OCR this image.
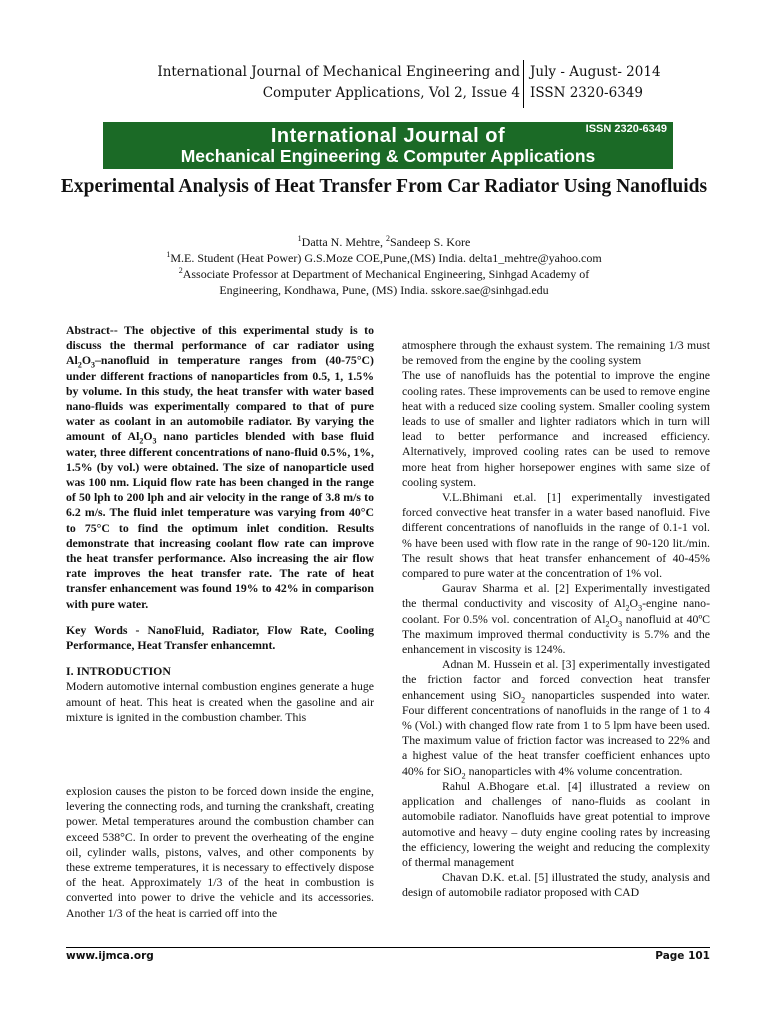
International Journal of Mechanical Engineering and
Computer Applications, Vol 2, Issue 4
July - August- 2014
ISSN 2320-6349
ISSN 2320-6349
International Journal of
Mechanical Engineering & Computer Applications
Experimental Analysis of Heat Transfer From Car Radiator Using Nanofluids
$^1$Datta N. Mehtre, $^2$Sandeep S. Kore
$^1$M.E. Student (Heat Power) G.S.Moze COE,Pune,(MS) India. delta1_mehtre@yahoo.com
$^2$Associate Professor at Department of Mechanical Engineering, Sinhgad Academy of
Engineering, Kondhawa, Pune, (MS) India. sskore.sae@sinhgad.edu

Abstract-- The objective of this experimental study is to discuss the thermal performance of car radiator using $Al_2O_3$–nanofluid in temperature ranges from (40-75°C) under different fractions of nanoparticles from 0.5, 1, 1.5% by volume. In this study, the heat transfer with water based nano-fluids was experimentally compared to that of pure water as coolant in an automobile radiator. By varying the amount of $Al_2O_3$ nano particles blended with base fluid water, three different concentrations of nano-fluid 0.5%, 1%, 1.5% (by vol.) were obtained. The size of nanoparticle used was 100 nm. Liquid flow rate has been changed in the range of 50 lph to 200 lph and air velocity in the range of 3.8 m/s to 6.2 m/s. The fluid inlet temperature was varying from 40°C to 75°C to find the optimum inlet condition. Results demonstrate that increasing coolant flow rate can improve the heat transfer performance. Also increasing the air flow rate improves the heat transfer rate. The rate of heat transfer enhancement was found 19% to 42% in comparison with pure water.

Key Words - NanoFluid, Radiator, Flow Rate, Cooling Performance, Heat Transfer enhancemnt.

I. INTRODUCTION

Modern automotive internal combustion engines generate a huge amount of heat. This heat is created when the gasoline and air mixture is ignited in the combustion chamber. This

explosion causes the piston to be forced down inside the engine, levering the connecting rods, and turning the crankshaft, creating power. Metal temperatures around the combustion chamber can exceed 538°C. In order to prevent the overheating of the engine oil, cylinder walls, pistons, valves, and other components by these extreme temperatures, it is necessary to effectively dispose of the heat. Approximately 1/3 of the heat in combustion is converted into power to drive the vehicle and its accessories. Another 1/3 of the heat is carried off into the

atmosphere through the exhaust system. The remaining 1/3 must be removed from the engine by the cooling system

The use of nanofluids has the potential to improve the engine cooling rates. These improvements can be used to remove engine heat with a reduced size cooling system. Smaller cooling system leads to use of smaller and lighter radiators which in turn will lead to better performance and increased efficiency. Alternatively, improved cooling rates can be used to remove more heat from higher horsepower engines with same size of cooling system.

V.L.Bhimani et.al. [1] experimentally investigated forced convective heat transfer in a water based nanofluid. Five different concentrations of nanofluids in the range of 0.1-1 vol. % have been used with flow rate in the range of 90-120 lit./min. The result shows that heat transfer enhancement of 40-45% compared to pure water at the concentration of 1% vol.

Gaurav Sharma et al. [2] Experimentally investigated the thermal conductivity and viscosity of $Al_2O_3$-engine nano-coolant. For 0.5% vol. concentration of $Al_2O_3$ nanofluid at 40ºC The maximum improved thermal conductivity is 5.7% and the enhancement in viscosity is 124%.

Adnan M. Hussein et al. [3] experimentally investigated the friction factor and forced convection heat transfer enhancement using SiO$_2$ nanoparticles suspended into water. Four different concentrations of nanofluids in the range of 1 to 4 % (Vol.) with changed flow rate from 1 to 5 lpm have been used. The maximum value of friction factor was increased to 22% and a highest value of the heat transfer coefficient enhances upto 40% for SiO$_2$ nanoparticles with 4% volume concentration.

Rahul A.Bhogare et.al. [4] illustrated a review on application and challenges of nano-fluids as coolant in automobile radiator. Nanofluids have great potential to improve automotive and heavy – duty engine cooling rates by increasing the efficiency, lowering the weight and reducing the complexity of thermal management

Chavan D.K. et.al. [5] illustrated the study, analysis and design of automobile radiator proposed with CAD

www.ijmca.org	Page 101
